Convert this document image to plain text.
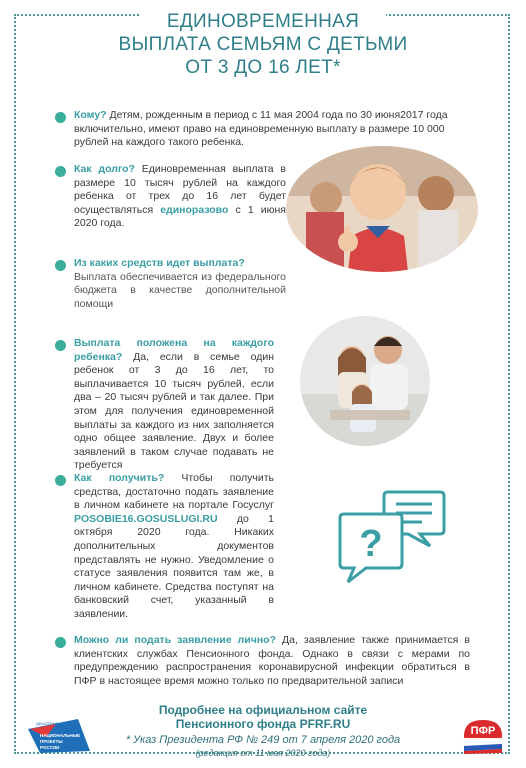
ЕДИНОВРЕМЕННАЯ
ВЫПЛАТА СЕМЬЯМ С ДЕТЬМИ
ОТ 3 ДО 16 ЛЕТ*
Кому? Детям, рожденным в период с 11 мая 2004 года по 30 июня2017 года включительно, имеют право на единовременную выплату в размере 10 000 рублей на каждого такого ребенка.
Как долго? Единовременная выплата в размере 10 тысяч рублей на каждого ребенка от трех до 16 лет будет осуществляться единоразово с 1 июня 2020 года.
Из каких средств идет выплата?
Выплата обеспечивается из федерального бюджета в качестве дополнительной помощи
Выплата положена на каждого ребенка? Да, если в семье один ребенок от 3 до 16 лет, то выплачивается 10 тысяч рублей, если два – 20 тысяч рублей и так далее. При этом для получения единовременной выплаты за каждого из них заполняется одно общее заявление. Двух и более заявлений в таком случае подавать не требуется
Как получить? Чтобы получить средства, достаточно подать заявление в личном кабинете на портале Госуслуг POSOBIE16.GOSUSLUGI.RU до 1 октября 2020 года. Никаких дополнительных документов представлять не нужно. Уведомление о статусе заявления появится там же, в личном кабинете. Средства поступят на банковский счет, указанный в заявлении.
?
Можно ли подать заявление лично? Да, заявление также принимается в клиентских службах Пенсионного фонда. Однако в связи с мерами по предупреждению распространения коронавирусной инфекции обратиться в ПФР в настоящее время можно только по предварительной записи
Подробнее на официальном сайте
Пенсионного фонда PFRF.RU
* Указ Президента РФ № 249 от 7 апреля 2020 года
(редакция от 11 мая 2020 года)
ДЕМОГРАФИЯ
НАЦИОНАЛЬНЫЕ
ПРОЕКТЫ
РОССИИ
ПФР
